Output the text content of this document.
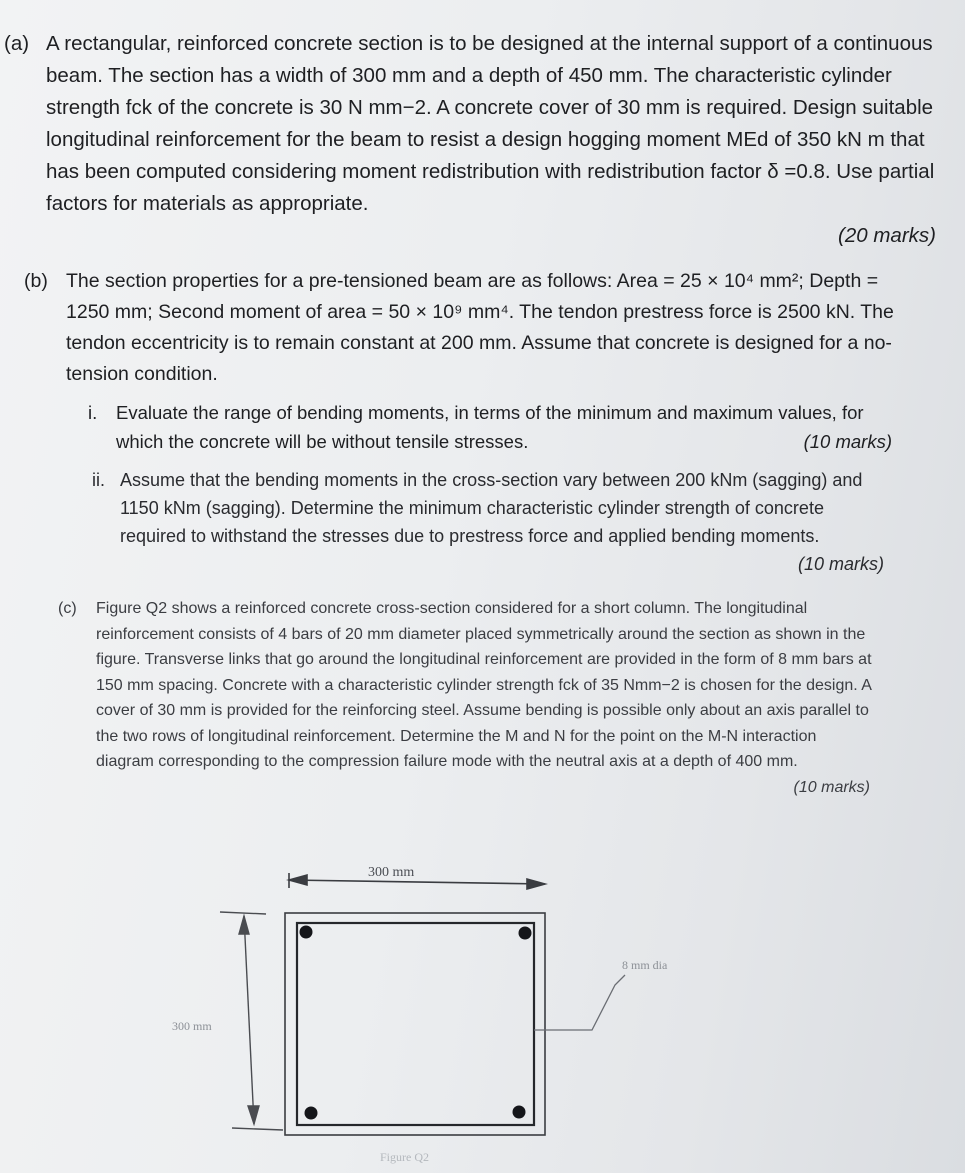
(a) A rectangular, reinforced concrete section is to be designed at the internal support of a continuous beam. The section has a width of 300 mm and a depth of 450 mm. The characteristic cylinder strength fck of the concrete is 30 N mm−2. A concrete cover of 30 mm is required. Design suitable longitudinal reinforcement for the beam to resist a design hogging moment MEd of 350 kN m that has been computed considering moment redistribution with redistribution factor δ =0.8. Use partial factors for materials as appropriate.
(20 marks)
(b) The section properties for a pre-tensioned beam are as follows: Area = 25 × 10⁴ mm²; Depth = 1250 mm; Second moment of area = 50 × 10⁹ mm⁴. The tendon prestress force is 2500 kN. The tendon eccentricity is to remain constant at 200 mm. Assume that concrete is designed for a no-tension condition.
i.	Evaluate the range of bending moments, in terms of the minimum and maximum values, for which the concrete will be without tensile stresses.	(10 marks)
ii. Assume that the bending moments in the cross-section vary between 200 kNm (sagging) and 1150 kNm (sagging). Determine the minimum characteristic cylinder strength of concrete required to withstand the stresses due to prestress force and applied bending moments.
(10 marks)
(c)	Figure Q2 shows a reinforced concrete cross-section considered for a short column. The longitudinal reinforcement consists of 4 bars of 20 mm diameter placed symmetrically around the section as shown in the figure. Transverse links that go around the longitudinal reinforcement are provided in the form of 8 mm bars at 150 mm spacing. Concrete with a characteristic cylinder strength fck of 35 Nmm−2 is chosen for the design. A cover of 30 mm is provided for the reinforcing steel. Assume bending is possible only about an axis parallel to the two rows of longitudinal reinforcement. Determine the M and N for the point on the M-N interaction diagram corresponding to the compression failure mode with the neutral axis at a depth of 400 mm.
(10 marks)
300 mm
300 mm
8 mm dia
Figure Q2
